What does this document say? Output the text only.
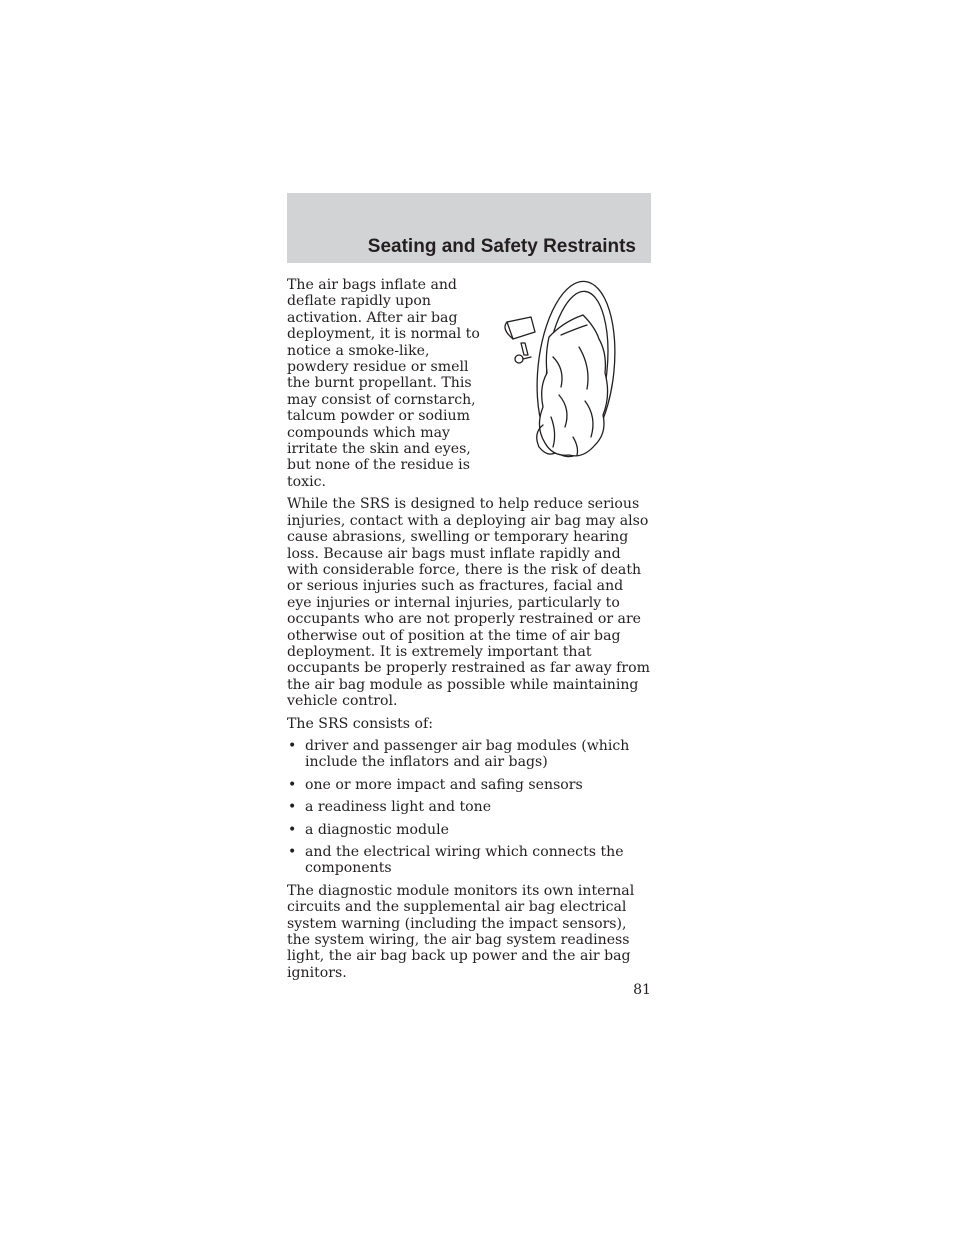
Seating and Safety Restraints

The air bags inflate and deflate rapidly upon activation. After air bag deployment, it is normal to notice a smoke-like, powdery residue or smell the burnt propellant. This may consist of cornstarch, talcum powder or sodium compounds which may irritate the skin and eyes, but none of the residue is toxic.

While the SRS is designed to help reduce serious injuries, contact with a deploying air bag may also cause abrasions, swelling or temporary hearing loss. Because air bags must inflate rapidly and with considerable force, there is the risk of death or serious injuries such as fractures, facial and eye injuries or internal injuries, particularly to occupants who are not properly restrained or are otherwise out of position at the time of air bag deployment. It is extremely important that occupants be properly restrained as far away from the air bag module as possible while maintaining vehicle control.

The SRS consists of:

• driver and passenger air bag modules (which include the inflators and air bags)
• one or more impact and safing sensors
• a readiness light and tone
• a diagnostic module
• and the electrical wiring which connects the components

The diagnostic module monitors its own internal circuits and the supplemental air bag electrical system warning (including the impact sensors), the system wiring, the air bag system readiness light, the air bag back up power and the air bag ignitors.

81
